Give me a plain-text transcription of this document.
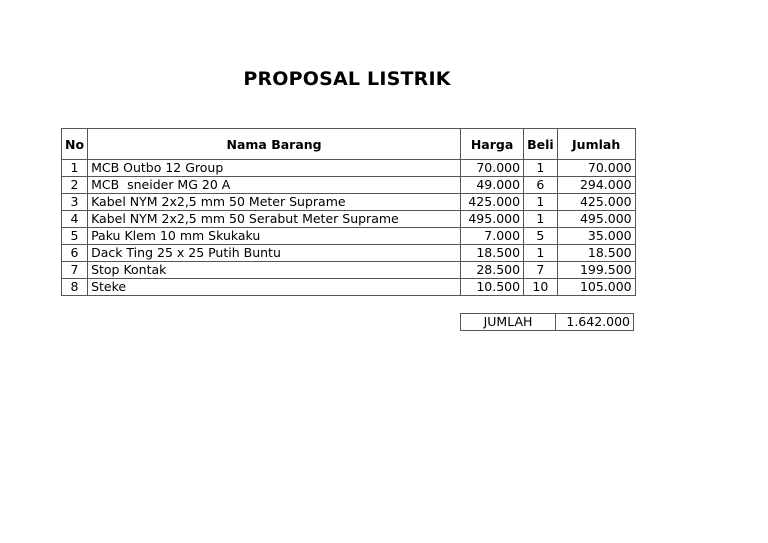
PROPOSAL LISTRIK
No	Nama Barang	Harga	Beli	Jumlah
1	MCB Outbo 12 Group	70.000	1	70.000
2	MCB  sneider MG 20 A	49.000	6	294.000
3	Kabel NYM 2x2,5 mm 50 Meter Suprame	425.000	1	425.000
4	Kabel NYM 2x2,5 mm 50 Serabut Meter Suprame	495.000	1	495.000
5	Paku Klem 10 mm Skukaku	7.000	5	35.000
6	Dack Ting 25 x 25 Putih Buntu	18.500	1	18.500
7	Stop Kontak	28.500	7	199.500
8	Steke	10.500	10	105.000
JUMLAH	1.642.000
